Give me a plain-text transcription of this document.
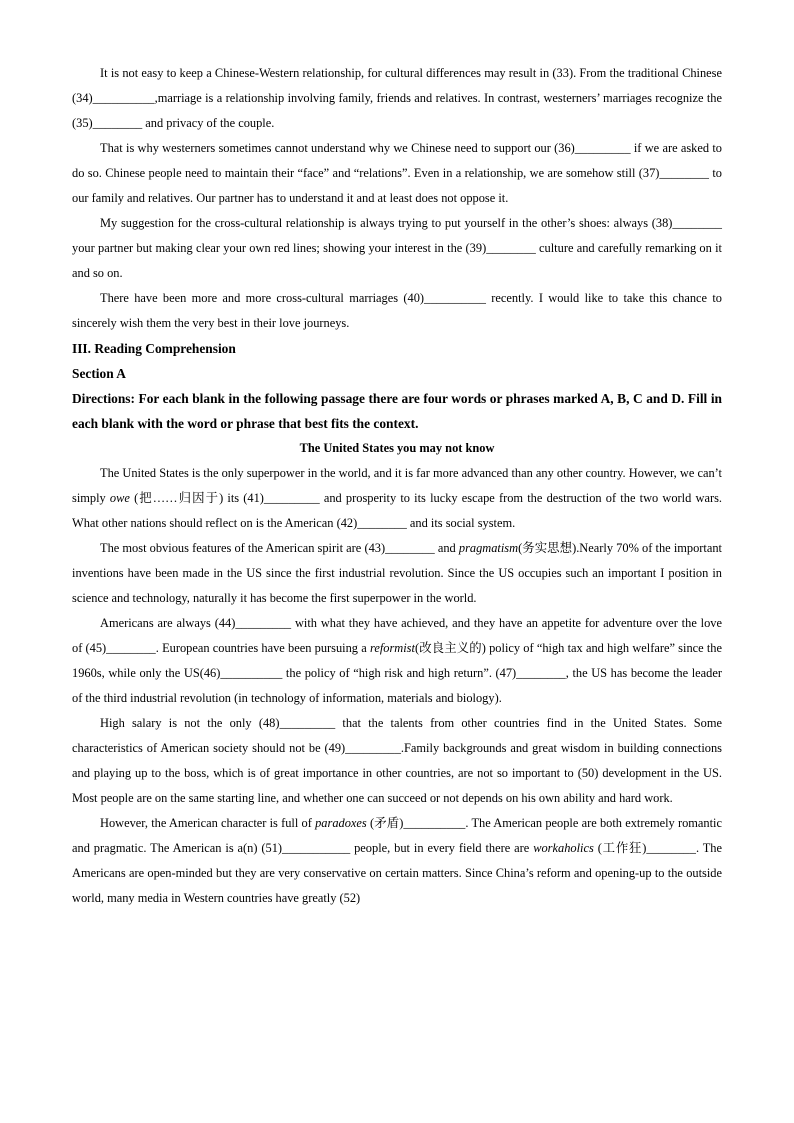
It is not easy to keep a Chinese-Western relationship, for cultural differences may result in (33). From the traditional Chinese (34)__________,marriage is a relationship involving family, friends and relatives. In contrast, westerners’ marriages recognize the (35)________ and privacy of the couple.

That is why westerners sometimes cannot understand why we Chinese need to support our (36)_________ if we are asked to do so. Chinese people need to maintain their “face” and “relations”. Even in a relationship, we are somehow still (37)________ to our family and relatives. Our partner has to understand it and at least does not oppose it.

My suggestion for the cross-cultural relationship is always trying to put yourself in the other’s shoes: always (38)________ your partner but making clear your own red lines; showing your interest in the (39)________ culture and carefully remarking on it and so on.

There have been more and more cross-cultural marriages (40)__________ recently. I would like to take this chance to sincerely wish them the very best in their love journeys.

III. Reading Comprehension

Section A

Directions: For each blank in the following passage there are four words or phrases marked A, B, C and D. Fill in each blank with the word or phrase that best fits the context.

The United States you may not know

The United States is the only superpower in the world, and it is far more advanced than any other country. However, we can’t simply owe (把……归因于) its (41)_________ and prosperity to its lucky escape from the destruction of the two world wars. What other nations should reflect on is the American (42)________ and its social system.

The most obvious features of the American spirit are (43)________ and pragmatism(务实思想).Nearly 70% of the important inventions have been made in the US since the first industrial revolution. Since the US occupies such an important I position in science and technology, naturally it has become the first superpower in the world.

Americans are always (44)_________ with what they have achieved, and they have an appetite for adventure over the love of (45)________. European countries have been pursuing a reformist(改良主义的) policy of “high tax and high welfare” since the 1960s, while only the US(46)__________ the policy of “high risk and high return”. (47)________, the US has become the leader of the third industrial revolution (in technology of information, materials and biology).

High salary is not the only (48)_________ that the talents from other countries find in the United States. Some characteristics of American society should not be (49)_________.Family backgrounds and great wisdom in building connections and playing up to the boss, which is of great importance in other countries, are not so important to (50) development in the US. Most people are on the same starting line, and whether one can succeed or not depends on his own ability and hard work.

However, the American character is full of paradoxes (矛盾)__________. The American people are both extremely romantic and pragmatic. The American is a(n) (51)___________ people, but in every field there are workaholics (工作狂)________. The Americans are open-minded but they are very conservative on certain matters. Since China’s reform and opening-up to the outside world, many media in Western countries have greatly (52)
